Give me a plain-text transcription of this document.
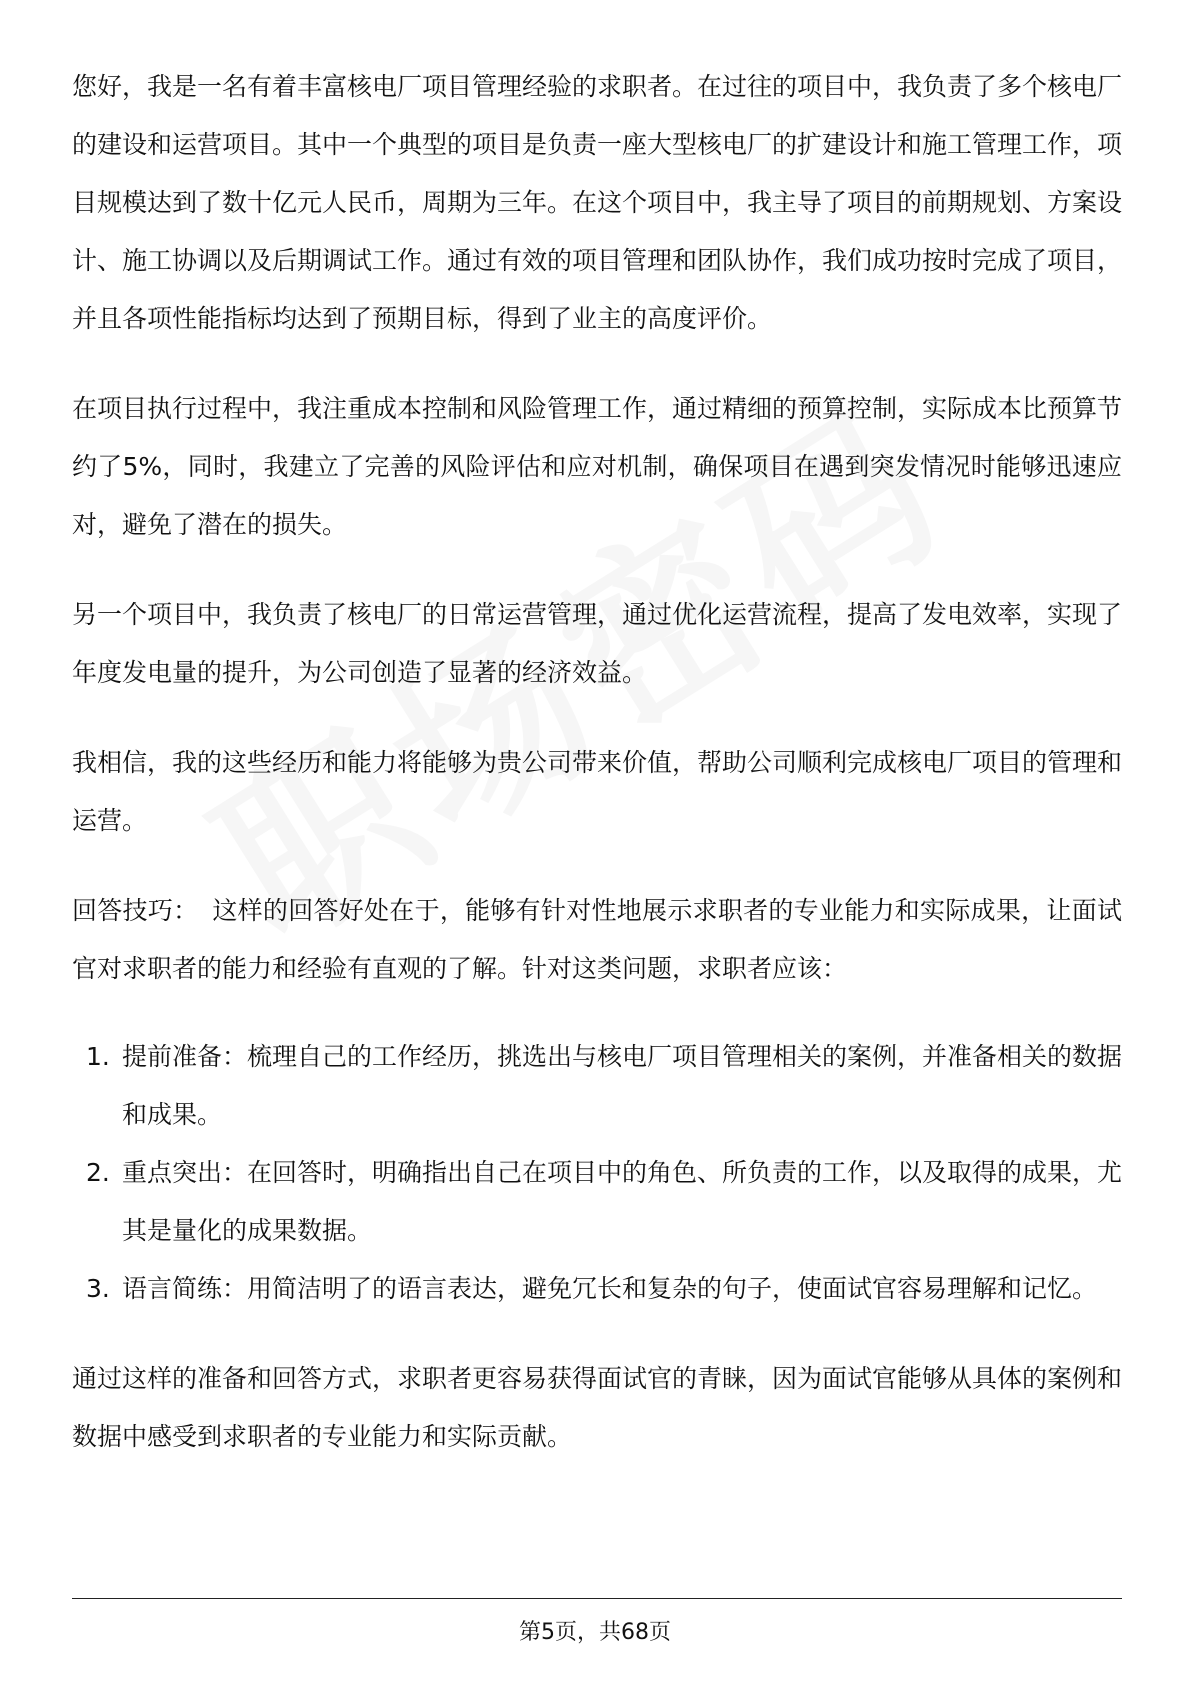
您好，我是一名有着丰富核电厂项目管理经验的求职者。在过往的项目中，我负责了多个核电厂的建设和运营项目。其中一个典型的项目是负责一座大型核电厂的扩建设计和施工管理工作，项目规模达到了数十亿元人民币，周期为三年。在这个项目中，我主导了项目的前期规划、方案设计、施工协调以及后期调试工作。通过有效的项目管理和团队协作，我们成功按时完成了项目，并且各项性能指标均达到了预期目标，得到了业主的高度评价。

在项目执行过程中，我注重成本控制和风险管理工作，通过精细的预算控制，实际成本比预算节约了5%，同时，我建立了完善的风险评估和应对机制，确保项目在遇到突发情况时能够迅速应对，避免了潜在的损失。

另一个项目中，我负责了核电厂的日常运营管理，通过优化运营流程，提高了发电效率，实现了年度发电量的提升，为公司创造了显著的经济效益。

我相信，我的这些经历和能力将能够为贵公司带来价值，帮助公司顺利完成核电厂项目的管理和运营。

回答技巧： 这样的回答好处在于，能够有针对性地展示求职者的专业能力和实际成果，让面试官对求职者的能力和经验有直观的了解。针对这类问题，求职者应该：

提前准备：梳理自己的工作经历，挑选出与核电厂项目管理相关的案例，并准备相关的数据和成果。
重点突出：在回答时，明确指出自己在项目中的角色、所负责的工作，以及取得的成果，尤其是量化的成果数据。
语言简练：用简洁明了的语言表达，避免冗长和复杂的句子，使面试官容易理解和记忆。

通过这样的准备和回答方式，求职者更容易获得面试官的青睐，因为面试官能够从具体的案例和数据中感受到求职者的专业能力和实际贡献。

第5页，共68页
